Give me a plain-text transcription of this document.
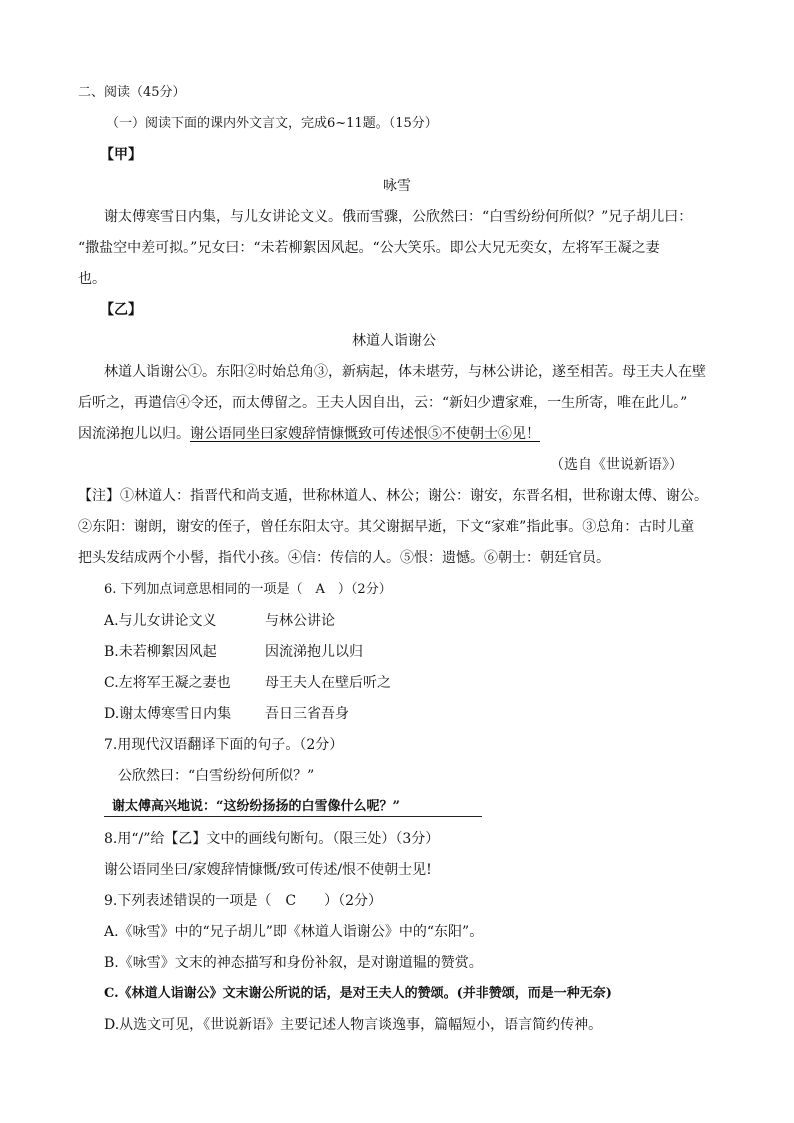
二、阅读（45分）
（一）阅读下面的课内外文言文，完成6~11题。（15分）
【甲】
咏雪
谢太傅寒雪日内集，与儿女讲论文义。俄而雪骤，公欣然曰：“白雪纷纷何所似？”兄子胡儿曰：
“撒盐空中差可拟。”兄女曰：“未若柳絮因风起。“公大笑乐。即公大兄无奕女，左将军王凝之妻
也。
【乙】
林道人诣谢公
林道人诣谢公①。东阳②时始总角③，新病起，体未堪劳，与林公讲论，遂至相苦。母王夫人在壁
后听之，再遣信④令还，而太傅留之。王夫人因自出，云：“新妇少遭家难，一生所寄，唯在此儿。”
因流涕抱儿以归。谢公语同坐曰家嫂辞情慷慨致可传述恨⑤不使朝士⑥见！
（选自《世说新语》）
【注】①林道人：指晋代和尚支遁，世称林道人、林公；谢公：谢安，东晋名相，世称谢太傅、谢公。
②东阳：谢朗，谢安的侄子，曾任东阳太守。其父谢据早逝，下文“家难”指此事。③总角：古时儿童
把头发结成两个小髻，指代小孩。④信：传信的人。⑤恨：遗憾。⑥朝士：朝廷官员。
6. 下列加点词意思相同的一项是（　A　）（2分）
A.与儿女讲论文义	与林公讲论
B.未若柳絮因风起	因流涕抱儿以归
C.左将军王凝之妻也 母王夫人在壁后听之
D.谢太傅寒雪日内集 吾日三省吾身
7.用现代汉语翻译下面的句子。（2分）
公欣然曰：“白雪纷纷何所似？”
谢太傅高兴地说：“这纷纷扬扬的白雪像什么呢？”
8.用“/”给【乙】文中的画线句断句。（限三处）（3分）
谢公语同坐曰/家嫂辞情慷慨/致可传述/恨不使朝士见!
9.下列表述错误的一项是（　C　　）（2分）
A.《咏雪》中的“兄子胡儿”即《林道人诣谢公》中的“东阳”。
B.《咏雪》文末的神态描写和身份补叙，是对谢道韫的赞赏。
C.《林道人诣谢公》文末谢公所说的话，是对王夫人的赞颂。(并非赞颂，而是一种无奈)
D.从选文可见，《世说新语》主要记述人物言谈逸事，篇幅短小，语言简约传神。
